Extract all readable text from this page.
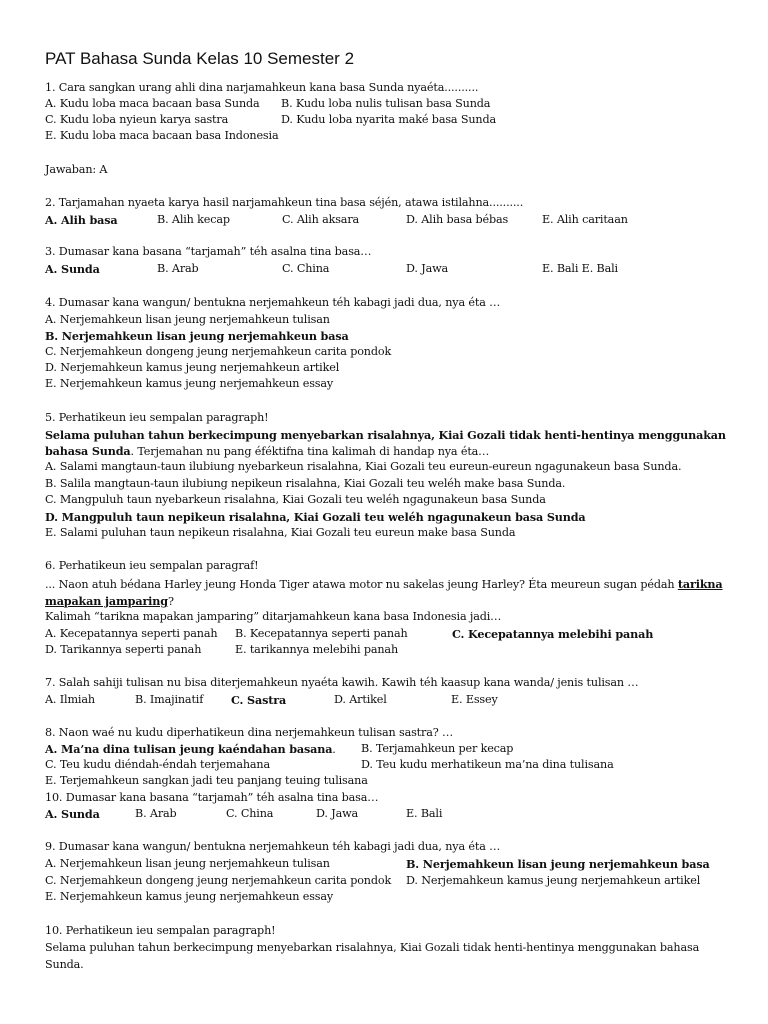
PAT Bahasa Sunda Kelas 10 Semester 2
1. Cara sangkan urang ahli dina narjamahkeun kana basa Sunda nyaéta..........
A. Kudu loba maca bacaan basa Sunda B. Kudu loba nulis tulisan basa Sunda
C. Kudu loba nyieun karya sastra	D. Kudu loba nyarita maké basa Sunda
E. Kudu loba maca bacaan basa Indonesia
Jawaban: A
2. Tarjamahan nyaeta karya hasil narjamahkeun tina basa séjén, atawa istilahna..........
A. Alih basa	B. Alih kecap	C. Alih aksara	D. Alih basa bébas	E. Alih caritaan
3. Dumasar kana basana “tarjamah” téh asalna tina basa…
A. Sunda	B. Arab	C. China	D. Jawa	E. Bali E. Bali
4. Dumasar kana wangun/ bentukna nerjemahkeun téh kabagi jadi dua, nya éta …
A. Nerjemahkeun lisan jeung nerjemahkeun tulisan
B. Nerjemahkeun lisan jeung nerjemahkeun basa
C. Nerjemahkeun dongeng jeung nerjemahkeun carita pondok
D. Nerjemahkeun kamus jeung nerjemahkeun artikel
E. Nerjemahkeun kamus jeung nerjemahkeun essay
5. Perhatikeun ieu sempalan paragraph!
Selama puluhan tahun berkecimpung menyebarkan risalahnya, Kiai Gozali tidak henti-hentinya menggunakan
bahasa Sunda. Terjemahan nu pang éféktifna tina kalimah di handap nya éta…
A. Salami mangtaun-taun ilubiung nyebarkeun risalahna, Kiai Gozali teu eureun-eureun ngagunakeun basa Sunda.
B. Salila mangtaun-taun ilubiung nepikeun risalahna, Kiai Gozali teu weléh make basa Sunda.
C. Mangpuluh taun nyebarkeun risalahna, Kiai Gozali teu weléh ngagunakeun basa Sunda
D. Mangpuluh taun nepikeun risalahna, Kiai Gozali teu weléh ngagunakeun basa Sunda
E. Salami puluhan taun nepikeun risalahna, Kiai Gozali teu eureun make basa Sunda
6. Perhatikeun ieu sempalan paragraf!
... Naon atuh bédana Harley jeung Honda Tiger atawa motor nu sakelas jeung Harley? Éta meureun sugan pédah tarikna
mapakan jamparing?
Kalimah “tarikna mapakan jamparing” ditarjamahkeun kana basa Indonesia jadi…
A. Kecepatannya seperti panah B. Kecepatannya seperti panah	C. Kecepatannya melebihi panah
D. Tarikannya seperti panah	E. tarikannya melebihi panah
7. Salah sahiji tulisan nu bisa diterjemahkeun nyaéta kawih. Kawih téh kaasup kana wanda/ jenis tulisan …
A. Ilmiah	B. Imajinatif C. Sastra	D. Artikel	E. Essey
8. Naon waé nu kudu diperhatikeun dina nerjemahkeun tulisan sastra? …
A. Ma’na dina tulisan jeung kaéndahan basana. B. Terjamahkeun per kecap
C. Teu kudu diéndah-éndah terjemahana	D. Teu kudu merhatikeun ma’na dina tulisana
E. Terjemahkeun sangkan jadi teu panjang teuing tulisana
10. Dumasar kana basana “tarjamah” téh asalna tina basa…
A. Sunda	B. Arab	C. China	D. Jawa	E. Bali
9. Dumasar kana wangun/ bentukna nerjemahkeun téh kabagi jadi dua, nya éta …
A. Nerjemahkeun lisan jeung nerjemahkeun tulisan	B. Nerjemahkeun lisan jeung nerjemahkeun basa
C. Nerjemahkeun dongeng jeung nerjemahkeun carita pondok D. Nerjemahkeun kamus jeung nerjemahkeun artikel
E. Nerjemahkeun kamus jeung nerjemahkeun essay
10. Perhatikeun ieu sempalan paragraph!
Selama puluhan tahun berkecimpung menyebarkan risalahnya, Kiai Gozali tidak henti-hentinya menggunakan bahasa
Sunda.
